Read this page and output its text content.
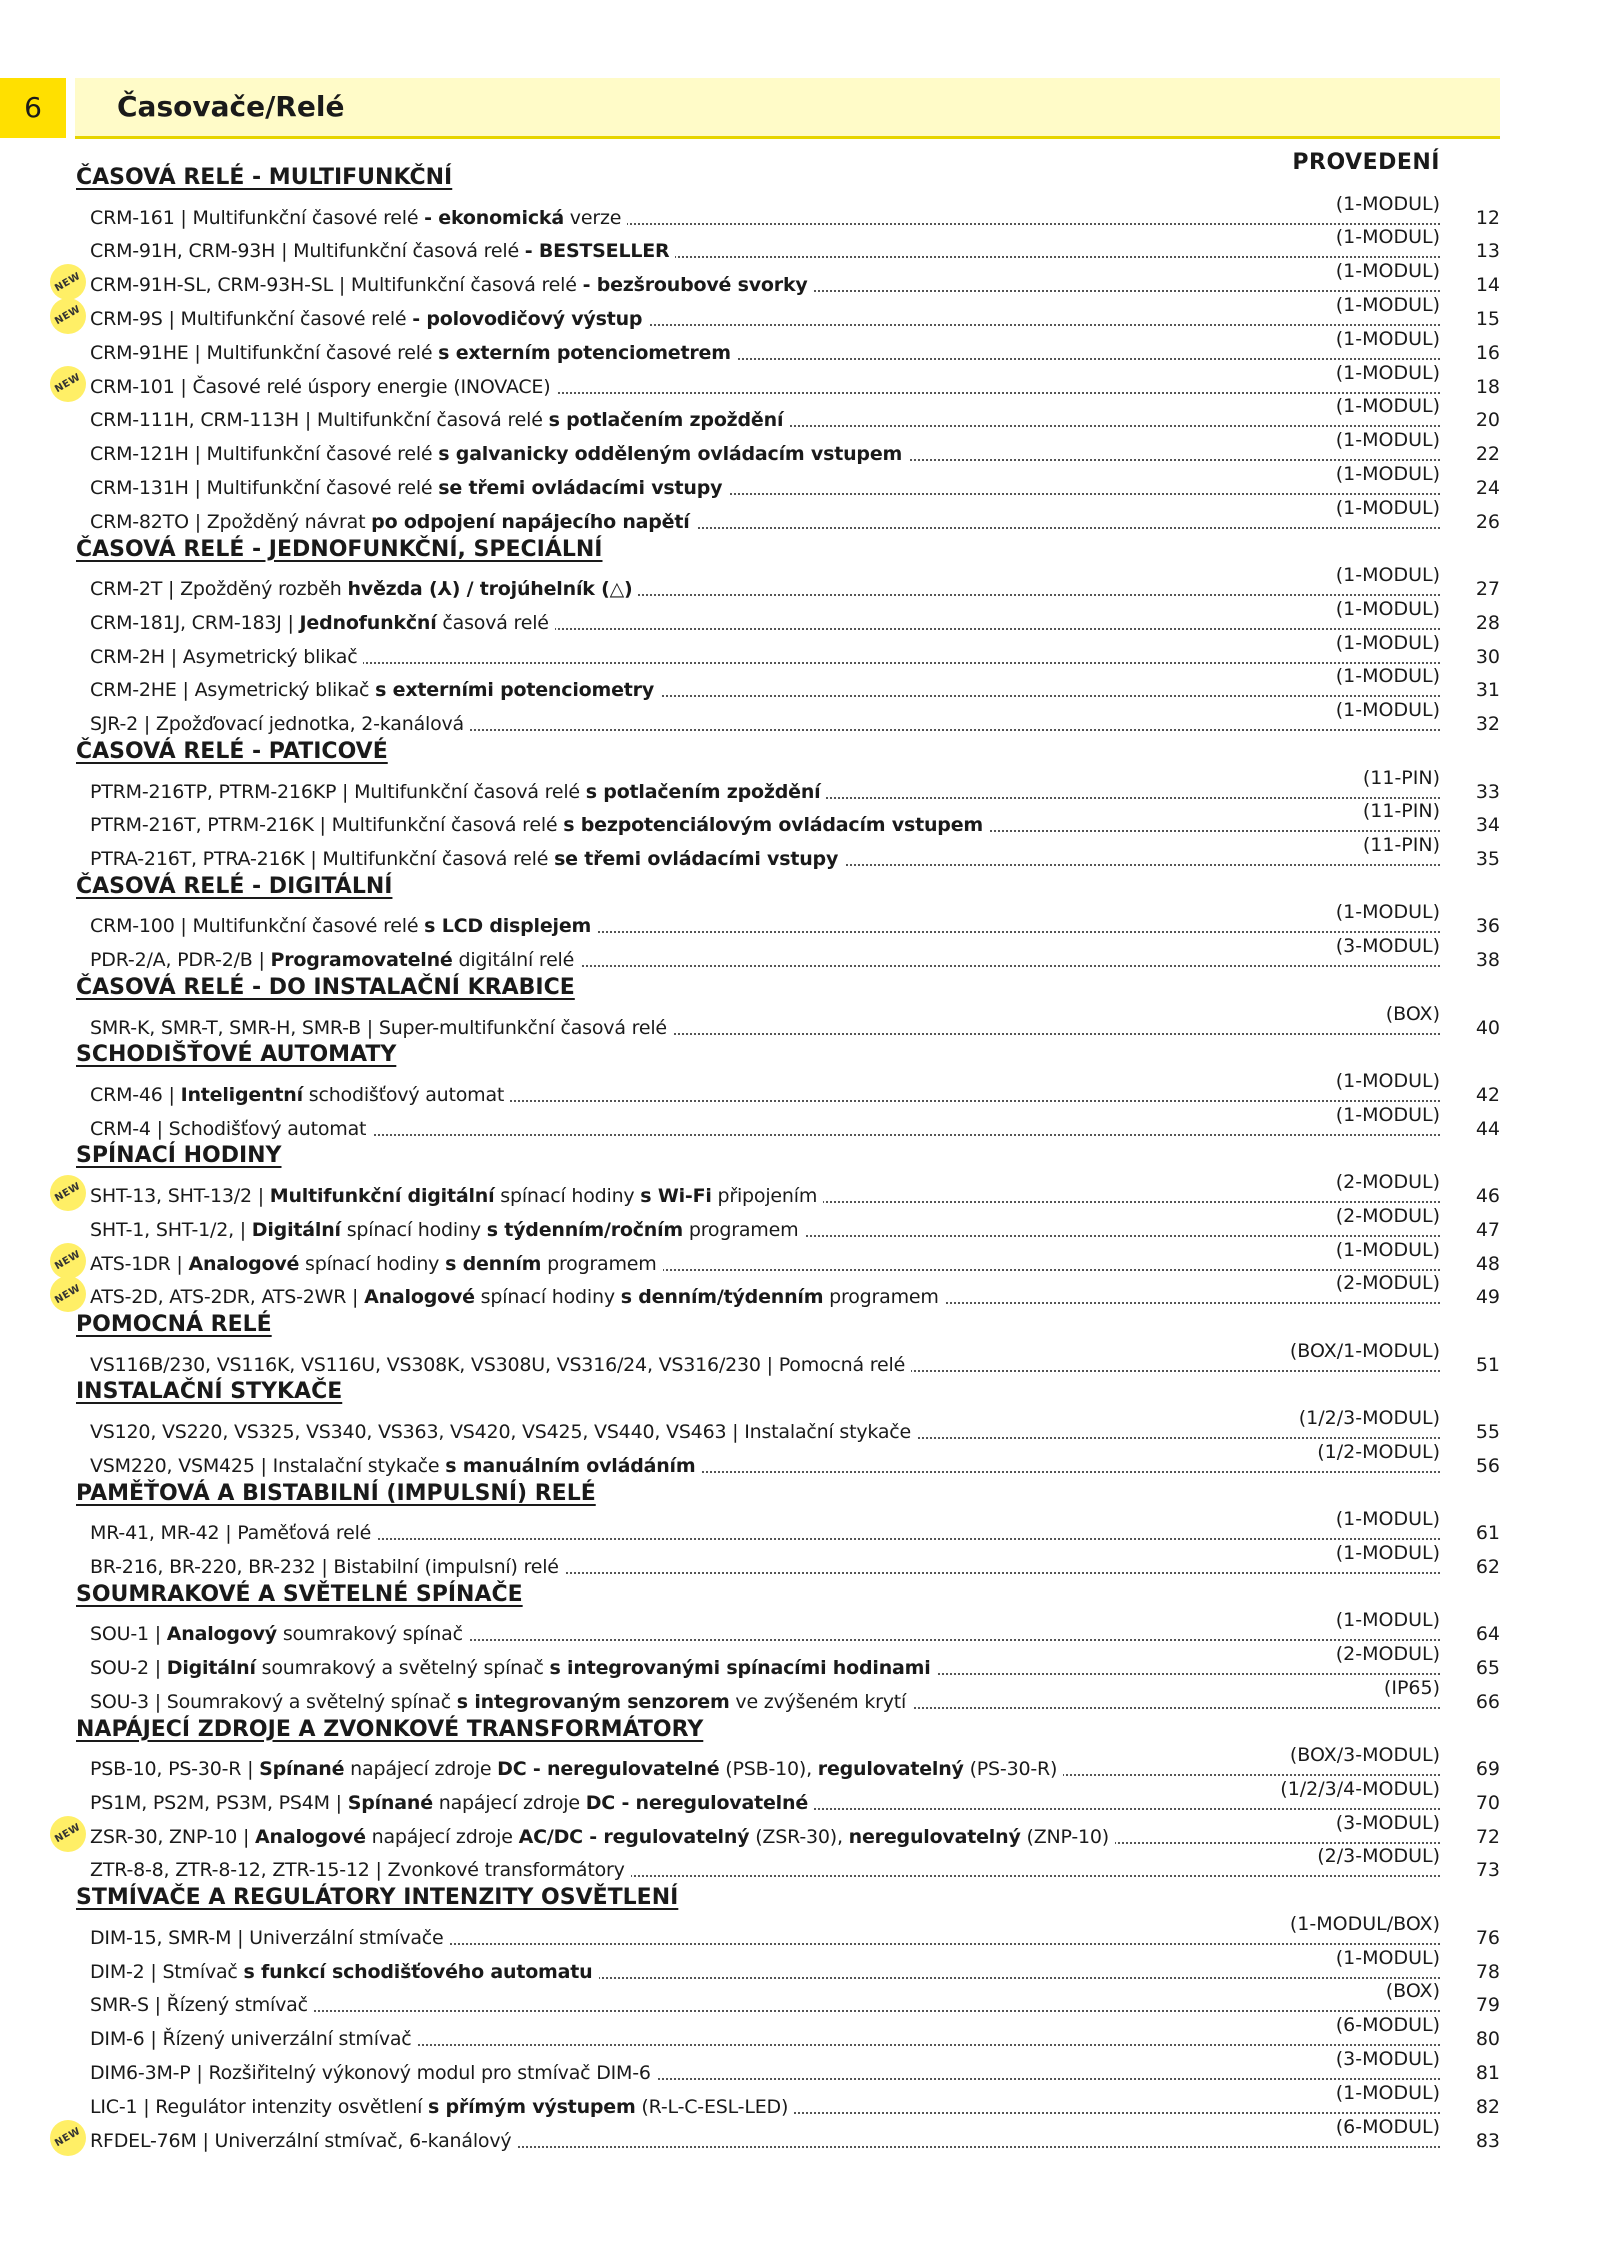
6	Časovače/Relé
PROVEDENÍ
ČASOVÁ RELÉ - MULTIFUNKČNÍ
CRM-161 | Multifunkční časové relé - ekonomická verze
(1-MODUL)
12
CRM-91H, CRM-93H | Multifunkční časová relé - BESTSELLER
(1-MODUL)
13
CRM-91H-SL, CRM-93H-SL | Multifunkční časová relé - bezšroubové svorky
(1-MODUL)
14
NEW
CRM-9S | Multifunkční časové relé - polovodičový výstup
(1-MODUL)
15
NEW
CRM-91HE | Multifunkční časové relé s externím potenciometrem
(1-MODUL)
16
CRM-101 | Časové relé úspory energie (INOVACE)
(1-MODUL)
18
NEW
CRM-111H, CRM-113H | Multifunkční časová relé s potlačením zpoždění
(1-MODUL)
20
CRM-121H | Multifunkční časové relé s galvanicky odděleným ovládacím vstupem
(1-MODUL)
22
CRM-131H | Multifunkční časové relé se třemi ovládacími vstupy
(1-MODUL)
24
CRM-82TO | Zpožděný návrat po odpojení napájecího napětí
(1-MODUL)
26
ČASOVÁ RELÉ - JEDNOFUNKČNÍ, SPECIÁLNÍ
CRM-2T | Zpožděný rozběh hvězda (⅄) / trojúhelník (△)
(1-MODUL)
27
CRM-181J, CRM-183J | Jednofunkční časová relé
(1-MODUL)
28
CRM-2H | Asymetrický blikač
(1-MODUL)
30
CRM-2HE | Asymetrický blikač s externími potenciometry
(1-MODUL)
31
SJR-2 | Zpožďovací jednotka, 2-kanálová
(1-MODUL)
32
ČASOVÁ RELÉ - PATICOVÉ
PTRM-216TP, PTRM-216KP | Multifunkční časová relé s potlačením zpoždění
(11-PIN)
33
PTRM-216T, PTRM-216K | Multifunkční časová relé s bezpotenciálovým ovládacím vstupem
(11-PIN)
34
PTRA-216T, PTRA-216K | Multifunkční časová relé se třemi ovládacími vstupy
(11-PIN)
35
ČASOVÁ RELÉ - DIGITÁLNÍ
CRM-100 | Multifunkční časové relé s LCD displejem
(1-MODUL)
36
PDR-2/A, PDR-2/B | Programovatelné digitální relé
(3-MODUL)
38
ČASOVÁ RELÉ - DO INSTALAČNÍ KRABICE
SMR-K, SMR-T, SMR-H, SMR-B | Super-multifunkční časová relé
(BOX)
40
SCHODIŠŤOVÉ AUTOMATY
CRM-46 | Inteligentní schodišťový automat
(1-MODUL)
42
CRM-4 | Schodišťový automat
(1-MODUL)
44
SPÍNACÍ HODINY
SHT-13, SHT-13/2 | Multifunkční digitální spínací hodiny s Wi-Fi připojením
(2-MODUL)
46
NEW
SHT-1, SHT-1/2, | Digitální spínací hodiny s týdenním/ročním programem
(2-MODUL)
47
ATS-1DR | Analogové spínací hodiny s denním programem
(1-MODUL)
48
NEW
ATS-2D, ATS-2DR, ATS-2WR | Analogové spínací hodiny s denním/týdenním programem
(2-MODUL)
49
NEW
POMOCNÁ RELÉ
VS116B/230, VS116K, VS116U, VS308K, VS308U, VS316/24, VS316/230 | Pomocná relé
(BOX/1-MODUL)
51
INSTALAČNÍ STYKAČE
VS120, VS220, VS325, VS340, VS363, VS420, VS425, VS440, VS463 | Instalační stykače
(1/2/3-MODUL)
55
VSM220, VSM425 | Instalační stykače s manuálním ovládáním
(1/2-MODUL)
56
PAMĚŤOVÁ A BISTABILNÍ (IMPULSNÍ) RELÉ
MR-41, MR-42 | Paměťová relé
(1-MODUL)
61
BR-216, BR-220, BR-232 | Bistabilní (impulsní) relé
(1-MODUL)
62
SOUMRAKOVÉ A SVĚTELNÉ SPÍNAČE
SOU-1 | Analogový soumrakový spínač
(1-MODUL)
64
SOU-2 | Digitální soumrakový a světelný spínač s integrovanými spínacími hodinami
(2-MODUL)
65
SOU-3 | Soumrakový a světelný spínač s integrovaným senzorem ve zvýšeném krytí
(IP65)
66
NAPÁJECÍ ZDROJE A ZVONKOVÉ TRANSFORMÁTORY
PSB-10, PS-30-R | Spínané napájecí zdroje DC - neregulovatelné (PSB-10), regulovatelný (PS-30-R)
(BOX/3-MODUL)
69
PS1M, PS2M, PS3M, PS4M | Spínané napájecí zdroje DC - neregulovatelné
(1/2/3/4-MODUL)
70
ZSR-30, ZNP-10 | Analogové napájecí zdroje AC/DC - regulovatelný (ZSR-30), neregulovatelný (ZNP-10)
(3-MODUL)
72
NEW
ZTR-8-8, ZTR-8-12, ZTR-15-12 | Zvonkové transformátory
(2/3-MODUL)
73
STMÍVAČE A REGULÁTORY INTENZITY OSVĚTLENÍ
DIM-15, SMR-M | Univerzální stmívače
(1-MODUL/BOX)
76
DIM-2 | Stmívač s funkcí schodišťového automatu
(1-MODUL)
78
SMR-S | Řízený stmívač
(BOX)
79
DIM-6 | Řízený univerzální stmívač
(6-MODUL)
80
DIM6-3M-P | Rozšiřitelný výkonový modul pro stmívač DIM-6
(3-MODUL)
81
LIC-1 | Regulátor intenzity osvětlení s přímým výstupem (R-L-C-ESL-LED)
(1-MODUL)
82
RFDEL-76M | Univerzální stmívač, 6-kanálový
(6-MODUL)
83
NEW
